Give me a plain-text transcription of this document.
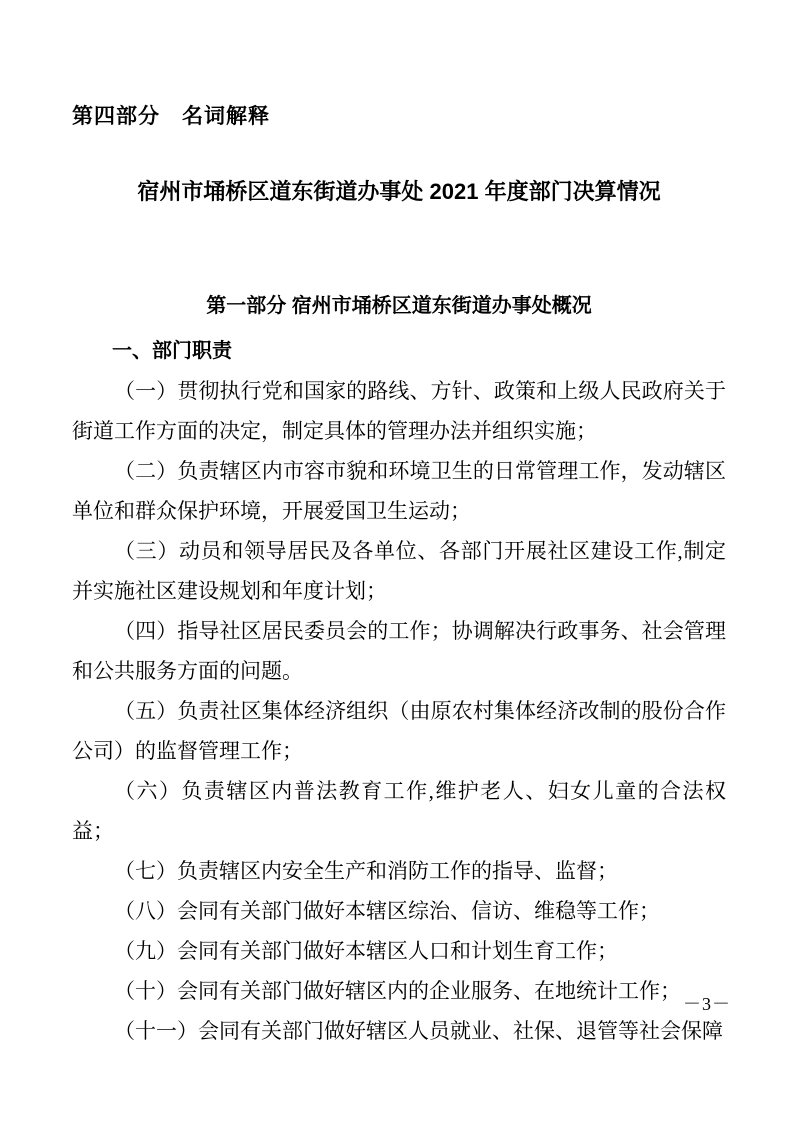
第四部分　名词解释
宿州市埇桥区道东街道办事处 2021 年度部门决算情况
第一部分 宿州市埇桥区道东街道办事处概况
一、部门职责

（一）贯彻执行党和国家的路线、方针、政策和上级人民政府关于街道工作方面的决定，制定具体的管理办法并组织实施；

（二）负责辖区内市容市貌和环境卫生的日常管理工作，发动辖区单位和群众保护环境，开展爱国卫生运动；

（三）动员和领导居民及各单位、各部门开展社区建设工作,制定并实施社区建设规划和年度计划；

（四）指导社区居民委员会的工作；协调解决行政事务、社会管理和公共服务方面的问题。

（五）负责社区集体经济组织（由原农村集体经济改制的股份合作公司）的监督管理工作；

（六）负责辖区内普法教育工作,维护老人、妇女儿童的合法权益；

（七）负责辖区内安全生产和消防工作的指导、监督；

（八）会同有关部门做好本辖区综治、信访、维稳等工作；

（九）会同有关部门做好本辖区人口和计划生育工作；

（十）会同有关部门做好辖区内的企业服务、在地统计工作；

（十一）会同有关部门做好辖区人员就业、社保、退管等社会保障

－3－
